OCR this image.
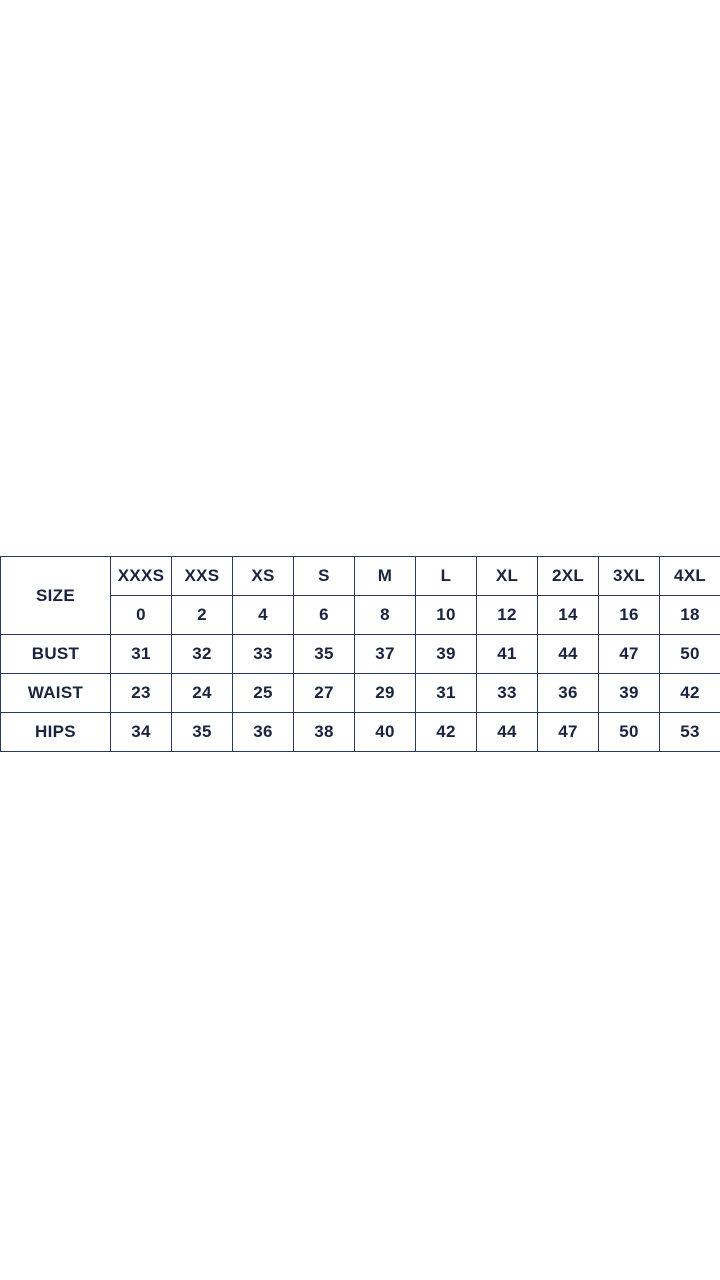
SIZE	XXXS	XXS	XS	S	M	L	XL	2XL	3XL	4XL
	0	2	4	6	8	10	12	14	16	18
BUST	31	32	33	35	37	39	41	44	47	50
WAIST	23	24	25	27	29	31	33	36	39	42
HIPS	34	35	36	38	40	42	44	47	50	53
